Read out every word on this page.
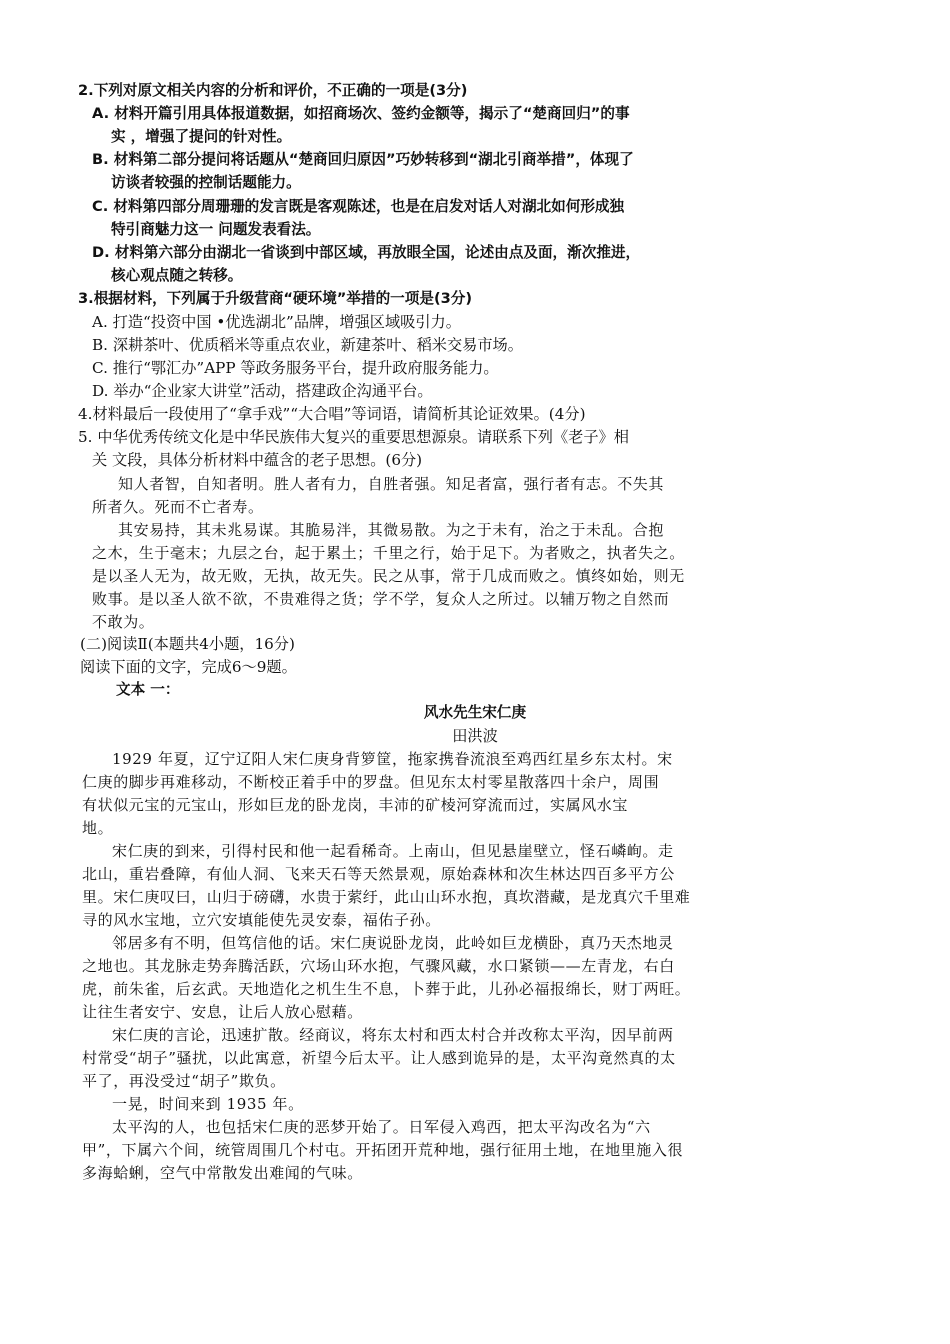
2.下列对原文相关内容的分析和评价，不正确的一项是(3分)
A. 材料开篇引用具体报道数据，如招商场次、签约金额等，揭示了“楚商回归”的事
实 ，增强了提问的针对性。
B. 材料第二部分提问将话题从“楚商回归原因”巧妙转移到“湖北引商举措”，体现了
访谈者较强的控制话题能力。
C. 材料第四部分周珊珊的发言既是客观陈述，也是在启发对话人对湖北如何形成独
特引商魅力这一 问题发表看法。
D. 材料第六部分由湖北一省谈到中部区域，再放眼全国，论述由点及面，渐次推进，
核心观点随之转移。
3.根据材料，下列属于升级营商“硬环境”举措的一项是(3分)
A. 打造“投资中国 •优选湖北”品牌，增强区域吸引力。
B. 深耕茶叶、优质稻米等重点农业，新建茶叶、稻米交易市场。
C. 推行“鄂汇办”APP 等政务服务平台，提升政府服务能力。
D. 举办“企业家大讲堂”活动，搭建政企沟通平台。
4.材料最后一段使用了“拿手戏”“大合唱”等词语，请简析其论证效果。(4分)
5. 中华优秀传统文化是中华民族伟大复兴的重要思想源泉。请联系下列《老子》相
关 文段，具体分析材料中蕴含的老子思想。(6分)
知人者智，自知者明。胜人者有力，自胜者强。知足者富，强行者有志。不失其
所者久。死而不亡者寿。
其安易持，其未兆易谋。其脆易泮，其微易散。为之于未有，治之于未乱。合抱
之木，生于毫末；九层之台，起于累土；千里之行，始于足下。为者败之，执者失之。
是以圣人无为，故无败，无执，故无失。民之从事，常于几成而败之。慎终如始，则无
败事。是以圣人欲不欲，不贵难得之货；学不学，复众人之所过。以辅万物之自然而
不敢为。
(二)阅读Ⅱ(本题共4小题，16分)
阅读下面的文字，完成6～9题。
文本 一：
风水先生宋仁庚
田洪波
1929 年夏，辽宁辽阳人宋仁庚身背箩筐，拖家携眷流浪至鸡西红星乡东太村。宋
仁庚的脚步再难移动，不断校正着手中的罗盘。但见东太村零星散落四十余户，周围
有状似元宝的元宝山，形如巨龙的卧龙岗，丰沛的矿棱河穿流而过，实属风水宝
地。
宋仁庚的到来，引得村民和他一起看稀奇。上南山，但见悬崖壁立，怪石嶙峋。走
北山，重岩叠障，有仙人洞、飞来天石等天然景观，原始森林和次生林达四百多平方公
里。宋仁庚叹曰，山归于磅礴，水贵于萦纡，此山山环水抱，真坎潜藏，是龙真穴千里难
寻的风水宝地，立穴安填能使先灵安泰，福佑子孙。
邻居多有不明，但笃信他的话。宋仁庚说卧龙岗，此岭如巨龙横卧，真乃天杰地灵
之地也。其龙脉走势奔腾活跃，穴场山环水抱，气骤风藏，水口紧锁——左青龙，右白
虎，前朱雀，后玄武。天地造化之机生生不息，卜葬于此，儿孙必福报绵长，财丁两旺。
让往生者安宁、安息，让后人放心慰藉。
宋仁庚的言论，迅速扩散。经商议，将东太村和西太村合并改称太平沟，因早前两
村常受“胡子”骚扰，以此寓意，祈望今后太平。让人感到诡异的是，太平沟竟然真的太
平了，再没受过“胡子”欺负。
一晃，时间来到 1935 年。
太平沟的人，也包括宋仁庚的恶梦开始了。日军侵入鸡西，把太平沟改名为“六
甲”，下属六个间，统管周围几个村屯。开拓团开荒种地，强行征用土地，在地里施入很
多海蛤蜊，空气中常散发出难闻的气味。
